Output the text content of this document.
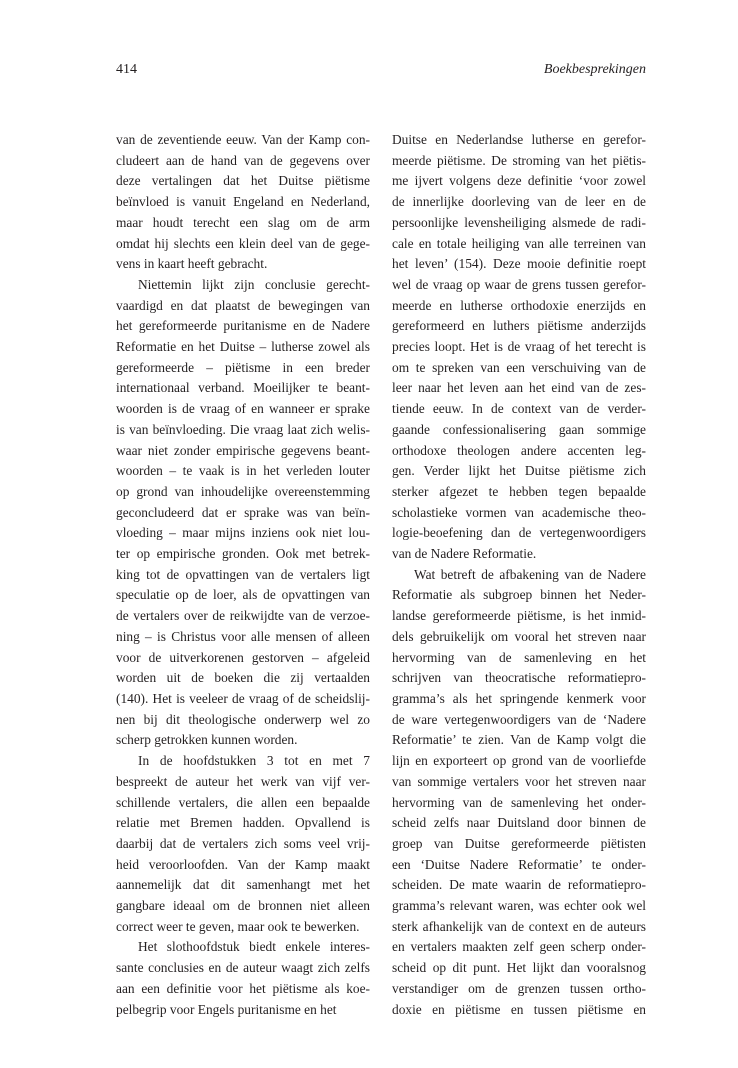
414	Boekbesprekingen
van de zeventiende eeuw. Van der Kamp con-
cludeert aan de hand van de gegevens over
deze vertalingen dat het Duitse piëtisme
beïnvloed is vanuit Engeland en Nederland,
maar houdt terecht een slag om de arm
omdat hij slechts een klein deel van de gege-
vens in kaart heeft gebracht.
Niettemin lijkt zijn conclusie gerecht-
vaardigd en dat plaatst de bewegingen van
het gereformeerde puritanisme en de Nadere
Reformatie en het Duitse – lutherse zowel als
gereformeerde – piëtisme in een breder
internationaal verband. Moeilijker te beant-
woorden is de vraag of en wanneer er sprake
is van beïnvloeding. Die vraag laat zich welis-
waar niet zonder empirische gegevens beant-
woorden – te vaak is in het verleden louter
op grond van inhoudelijke overeenstemming
geconcludeerd dat er sprake was van beïn-
vloeding – maar mijns inziens ook niet lou-
ter op empirische gronden. Ook met betrek-
king tot de opvattingen van de vertalers ligt
speculatie op de loer, als de opvattingen van
de vertalers over de reikwijdte van de verzoe-
ning – is Christus voor alle mensen of alleen
voor de uitverkorenen gestorven – afgeleid
worden uit de boeken die zij vertaalden
(140). Het is veeleer de vraag of de scheidslij-
nen bij dit theologische onderwerp wel zo
scherp getrokken kunnen worden.
In de hoofdstukken 3 tot en met 7
bespreekt de auteur het werk van vijf ver-
schillende vertalers, die allen een bepaalde
relatie met Bremen hadden. Opvallend is
daarbij dat de vertalers zich soms veel vrij-
heid veroorloofden. Van der Kamp maakt
aannemelijk dat dit samenhangt met het
gangbare ideaal om de bronnen niet alleen
correct weer te geven, maar ook te bewerken.
Het slothoofdstuk biedt enkele interes-
sante conclusies en de auteur waagt zich zelfs
aan een definitie voor het piëtisme als koe-
pelbegrip voor Engels puritanisme en het
Duitse en Nederlandse lutherse en gerefor-
meerde piëtisme. De stroming van het piëtis-
me ijvert volgens deze definitie ‘voor zowel
de innerlijke doorleving van de leer en de
persoonlijke levensheiliging alsmede de radi-
cale en totale heiliging van alle terreinen van
het leven’ (154). Deze mooie definitie roept
wel de vraag op waar de grens tussen gerefor-
meerde en lutherse orthodoxie enerzijds en
gereformeerd en luthers piëtisme anderzijds
precies loopt. Het is de vraag of het terecht is
om te spreken van een verschuiving van de
leer naar het leven aan het eind van de zes-
tiende eeuw. In de context van de verder-
gaande confessionalisering gaan sommige
orthodoxe theologen andere accenten leg-
gen. Verder lijkt het Duitse piëtisme zich
sterker afgezet te hebben tegen bepaalde
scholastieke vormen van academische theo-
logie-beoefening dan de vertegenwoordigers
van de Nadere Reformatie.
Wat betreft de afbakening van de Nadere
Reformatie als subgroep binnen het Neder-
landse gereformeerde piëtisme, is het inmid-
dels gebruikelijk om vooral het streven naar
hervorming van de samenleving en het
schrijven van theocratische reformatiepro-
gramma’s als het springende kenmerk voor
de ware vertegenwoordigers van de ‘Nadere
Reformatie’ te zien. Van de Kamp volgt die
lijn en exporteert op grond van de voorliefde
van sommige vertalers voor het streven naar
hervorming van de samenleving het onder-
scheid zelfs naar Duitsland door binnen de
groep van Duitse gereformeerde piëtisten
een ‘Duitse Nadere Reformatie’ te onder-
scheiden. De mate waarin de reformatiepro-
gramma’s relevant waren, was echter ook wel
sterk afhankelijk van de context en de auteurs
en vertalers maakten zelf geen scherp onder-
scheid op dit punt. Het lijkt dan vooralsnog
verstandiger om de grenzen tussen ortho-
doxie en piëtisme en tussen piëtisme en
